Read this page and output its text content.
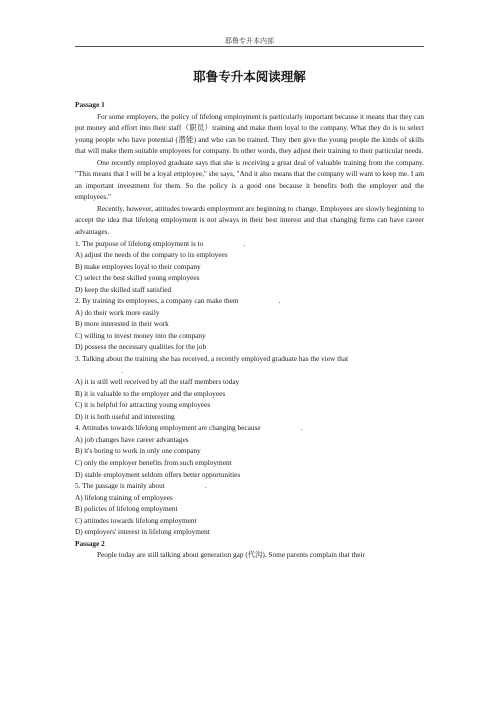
耶鲁专升本内部
耶鲁专升本阅读理解

Passage 1

For some employers, the policy of lifelong employment is particularly important because it means that they can put money and effort into their staff（职员）training and make them loyal to the company. What they do is to select young people who have potential (潜能) and who can be trained. They then give the young people the kinds of skills that will make them suitable employees for company. In other words, they adjust their training to their particular needs.

One recently employed graduate says that she is receiving a great deal of valuable training from the company. "This means that I will be a loyal employee," she says, "And it also means that the company will want to keep me. I am an important investment for them. So the policy is a good one because it benefits both the employer and the employees."

Recently, however, attitudes towards employment are beginning to change. Employees are slowly beginning to accept the idea that lifelong employment is not always in their best interest and that changing firms can have career advantages.

1. The purpose of lifelong employment is to	.

A) adjust the needs of the company to its employees

B) make employees loyal to their company

C) select the best skilled young employees

D) keep the skilled staff satisfied

2. By training its employees, a company can make them	.

A) do their work more easily

B) more interested in their work

C) willing to invest money into the company

D) possess the necessary qualities for the job

3. Talking about the training she has received, a recently employed graduate has the view that

.

A) it is still well received by all the staff members today

B) it is valuable to the employer and the employees

C) it is helpful for attracting young employees

D) it is both useful and interesting

4. Attitudes towards lifelong employment are changing because	.

A) job changes have career advantages

B) it's boring to work in only one company

C) only the employer benefits from such employment

D) stable employment seldom offers better opportunities

5. The passage is mainly about	.

A) lifelong training of employees

B) policies of lifelong employment

C) attitudes towards lifelong employment

D) employers' interest in lifelong employment

Passage 2

People today are still talking about generation gap (代沟). Some parents complain that their
